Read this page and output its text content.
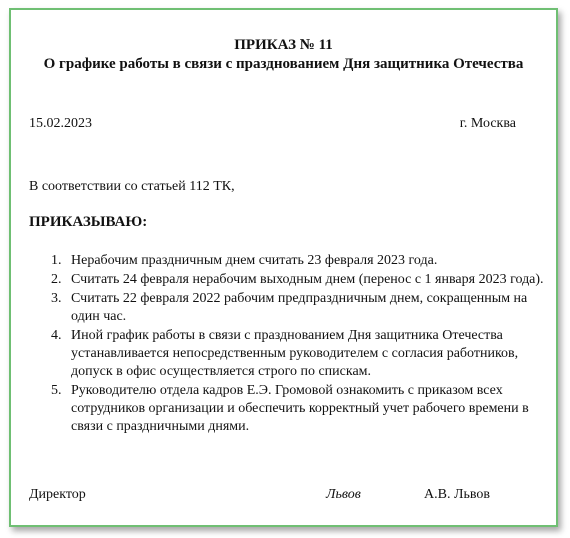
ПРИКАЗ № 11
О графике работы в связи с празднованием Дня защитника Отечества
15.02.2023	г. Москва
В соответствии со статьей 112 ТК,
ПРИКАЗЫВАЮ:
1. Нерабочим праздничным днем считать 23 февраля 2023 года.
2. Считать 24 февраля нерабочим выходным днем (перенос с 1 января 2023 года).
3. Считать 22 февраля 2022 рабочим предпраздничным днем, сокращенным на один час.
4. Иной график работы в связи с празднованием Дня защитника Отечества устанавливается непосредственным руководителем с согласия работников, допуск в офис осуществляется строго по спискам.
5. Руководителю отдела кадров Е.Э. Громовой ознакомить с приказом всех сотрудников организации и обеспечить корректный учет рабочего времени в связи с праздничными днями.
Директор	Львов	А.В. Львов
